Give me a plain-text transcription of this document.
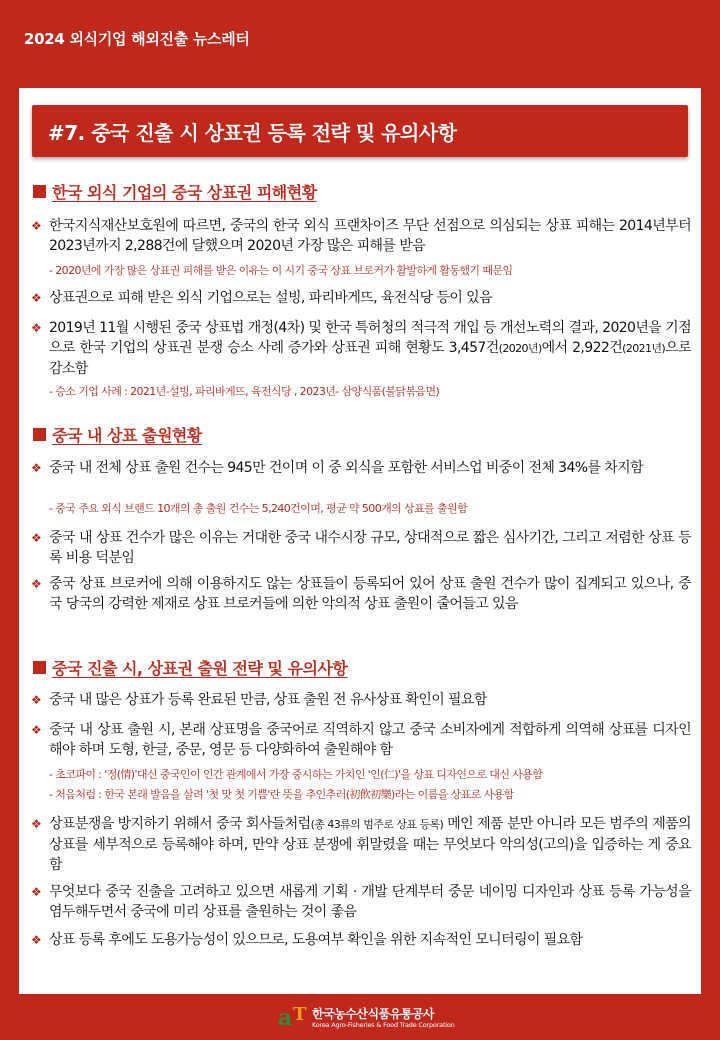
2024 외식기업 해외진출 뉴스레터
#7. 중국 진출 시 상표권 등록 전략 및 유의사항
한국 외식 기업의 중국 상표권 피해현황
❖ 한국지식재산보호원에 따르면, 중국의 한국 외식 프랜차이즈 무단 선점으로 의심되는 상표 피해는 2014년부터 2023년까지 2,288건에 달했으며 2020년 가장 많은 피해를 받음
- 2020년에 가장 많은 상표권 피해를 받은 이유는 이 시기 중국 상표 브로커가 활발하게 활동했기 때문임
❖ 상표권으로 피해 받은 외식 기업으로는 설빙, 파리바게뜨, 육전식당 등이 있음
❖ 2019년 11월 시행된 중국 상표법 개정(4차) 및 한국 특허청의 적극적 개입 등 개선노력의 결과, 2020년을 기점으로 한국 기업의 상표권 분쟁 승소 사례 증가와 상표권 피해 현황도 3,457건(2020년)에서 2,922건(2021년)으로 감소함
- 승소 기업 사례 : 2021년-설빙, 파리바게뜨, 육전식당 , 2023년- 삼양식품(불닭볶음면)
중국 내 상표 출원현황
❖ 중국 내 전체 상표 출원 건수는 945만 건이며 이 중 외식을 포함한 서비스업 비중이 전체 34%를 차지함
- 중국 주요 외식 브랜드 10개의 총 출원 건수는 5,240건이며, 평균 약 500개의 상표를 출원함
❖ 중국 내 상표 건수가 많은 이유는 거대한 중국 내수시장 규모, 상대적으로 짧은 심사기간, 그리고 저렴한 상표 등록 비용 덕분임
❖ 중국 상표 브로커에 의해 이용하지도 않는 상표들이 등록되어 있어 상표 출원 건수가 많이 집계되고 있으나, 중국 당국의 강력한 제재로 상표 브로커들에 의한 악의적 상표 출원이 줄어들고 있음
중국 진출 시, 상표권 출원 전략 및 유의사항
❖ 중국 내 많은 상표가 등록 완료된 만큼, 상표 출원 전 유사상표 확인이 필요함
❖ 중국 내 상표 출원 시, 본래 상표명을 중국어로 직역하지 않고 중국 소비자에게 적합하게 의역해 상표를 디자인 해야 하며 도형, 한글, 중문, 영문 등 다양화하여 출원해야 함
- 초코파이 : '정(情)'대신 중국인이 인간 관계에서 가장 중시하는 가치인 '인(仁)'을 상표 디자인으로 대신 사용함
- 처음처럼 : 한국 본래 발음을 살려 '첫 맛 첫 기쁨'란 뜻을 추인추러(初飲初樂)라는 이름을 상표로 사용함
❖ 상표분쟁을 방지하기 위해서 중국 회사들처럼(총 43류의 범주로 상표 등록) 메인 제품 분만 아니라 모든 범주의 제품의 상표를 세부적으로 등록해야 하며, 만약 상표 분쟁에 휘말렸을 때는 무엇보다 악의성(고의)을 입증하는 게 중요함
❖ 무엇보다 중국 진출을 고려하고 있으면 새롭게 기획 · 개발 단계부터 중문 네이밍 디자인과 상표 등록 가능성을 염두해두면서 중국에 미리 상표를 출원하는 것이 좋음
❖ 상표 등록 후에도 도용가능성이 있으므로, 도용여부 확인을 위한 지속적인 모니터링이 필요함
a T 한국농수산식품유통공사
Korea Agro-Fisheries & Food Trade Corporation
